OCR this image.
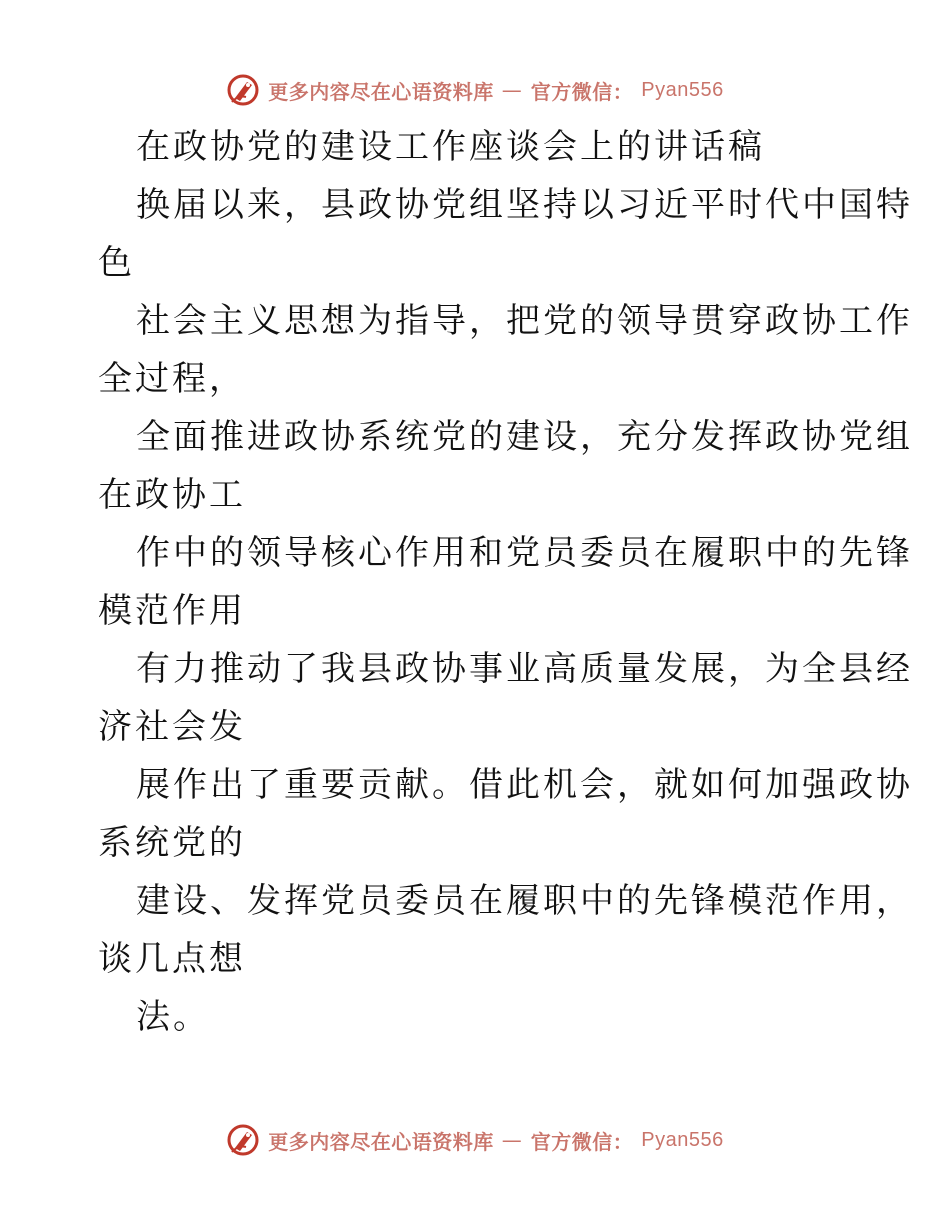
更多内容尽在心语资料库 — 官方微信： Pyan556
在政协党的建设工作座谈会上的讲话稿
换届以来，县政协党组坚持以习近平时代中国特
色
社会主义思想为指导，把党的领导贯穿政协工作
全过程，
全面推进政协系统党的建设，充分发挥政协党组
在政协工
作中的领导核心作用和党员委员在履职中的先锋
模范作用
有力推动了我县政协事业高质量发展，为全县经
济社会发
展作出了重要贡献。借此机会，就如何加强政协
系统党的
建设、发挥党员委员在履职中的先锋模范作用，
谈几点想
法。
更多内容尽在心语资料库 — 官方微信： Pyan556
